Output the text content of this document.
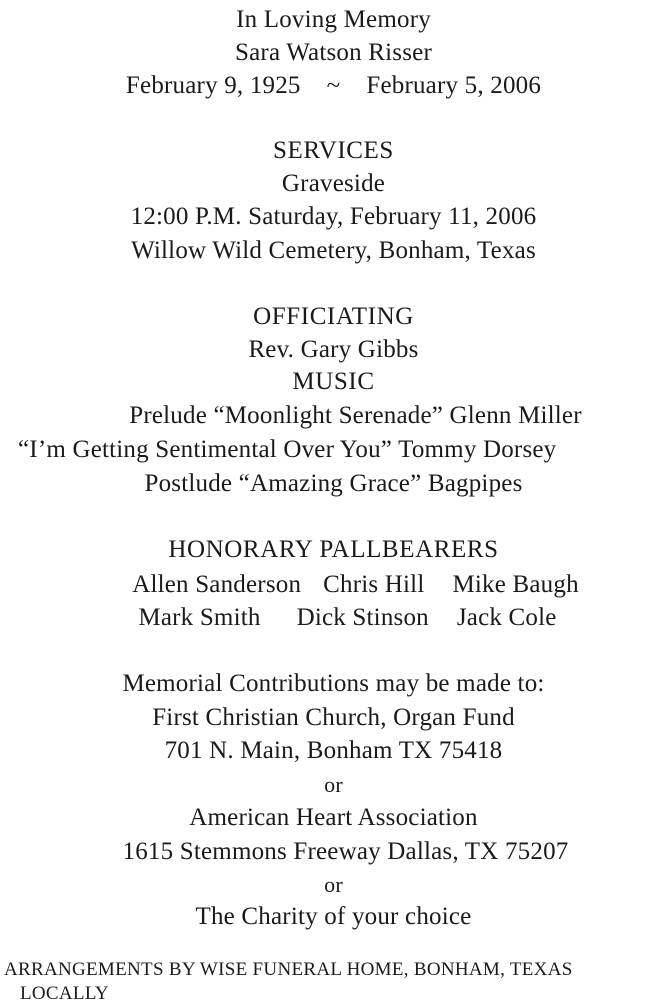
In Loving Memory
Sara Watson Risser
February 9, 1925 ~ February 5, 2006
SERVICES
Graveside
12:00 P.M. Saturday, February 11, 2006
Willow Wild Cemetery, Bonham, Texas
OFFICIATING
Rev. Gary Gibbs
MUSIC
Prelude “Moonlight Serenade” Glenn Miller
“I’m Getting Sentimental Over You” Tommy Dorsey
Postlude “Amazing Grace” Bagpipes
HONORARY PALLBEARERS
Allen Sanderson Chris Hill Mike Baugh
Mark Smith Dick Stinson Jack Cole
Memorial Contributions may be made to:
First Christian Church, Organ Fund
701 N. Main, Bonham TX 75418
or
American Heart Association
1615 Stemmons Freeway Dallas, TX 75207
or
The Charity of your choice
ARRANGEMENTS BY WISE FUNERAL HOME, BONHAM, TEXAS
LOCALLY
